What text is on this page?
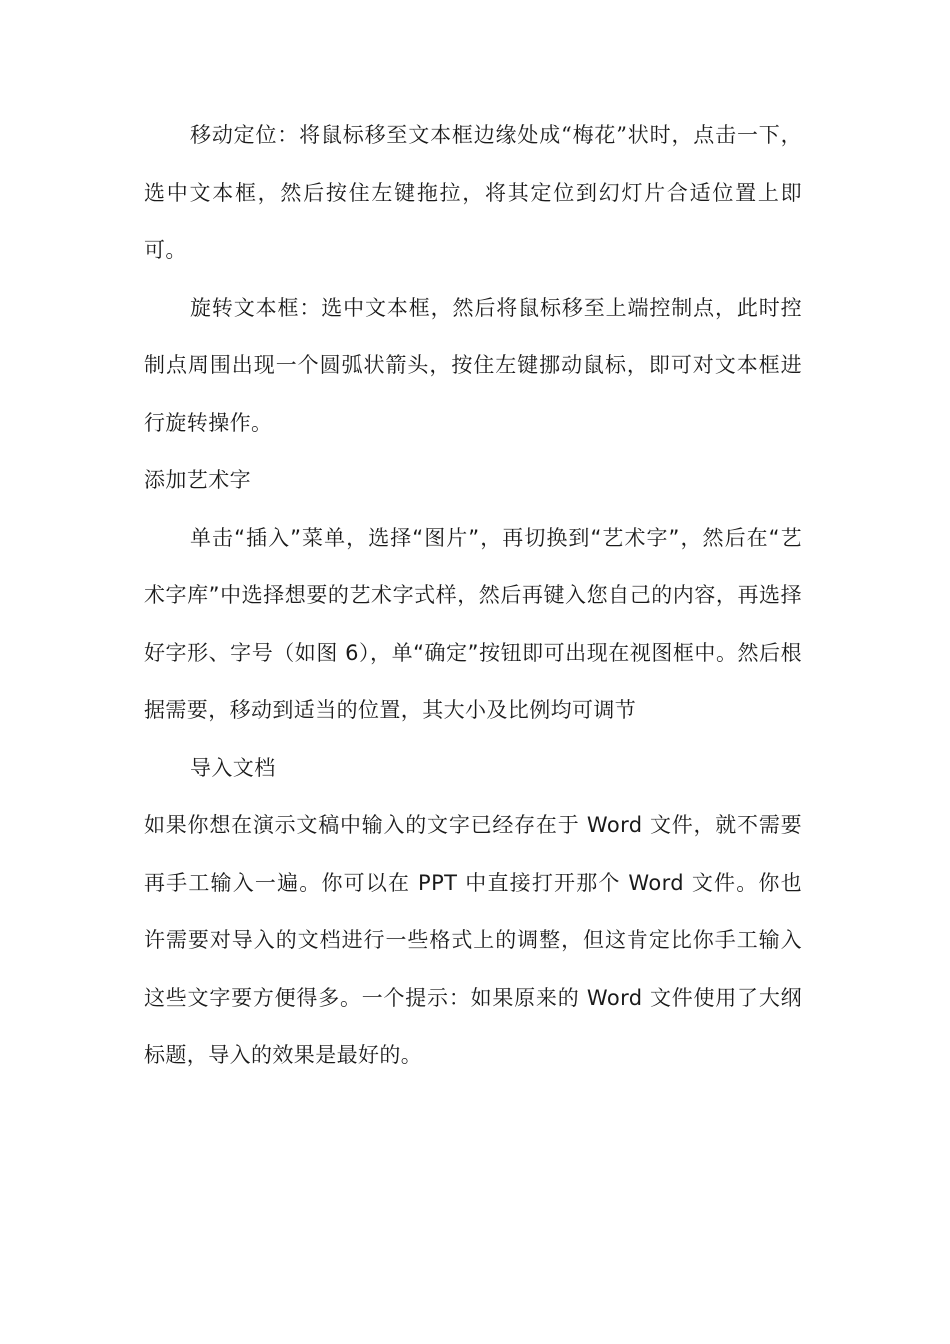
移动定位：将鼠标移至文本框边缘处成“梅花”状时，点击一下，选中文本框，然后按住左键拖拉，将其定位到幻灯片合适位置上即可。

旋转文本框：选中文本框，然后将鼠标移至上端控制点，此时控制点周围出现一个圆弧状箭头，按住左键挪动鼠标，即可对文本框进行旋转操作。

添加艺术字

单击“插入”菜单，选择“图片”，再切换到“艺术字”，然后在“艺术字库”中选择想要的艺术字式样，然后再键入您自己的内容，再选择好字形、字号（如图 6），单“确定”按钮即可出现在视图框中。然后根据需要，移动到适当的位置，其大小及比例均可调节

导入文档

如果你想在演示文稿中输入的文字已经存在于 Word 文件，就不需要再手工输入一遍。你可以在 PPT 中直接打开那个 Word 文件。你也许需要对导入的文档进行一些格式上的调整，但这肯定比你手工输入这些文字要方便得多。一个提示：如果原来的 Word 文件使用了大纲标题，导入的效果是最好的。
